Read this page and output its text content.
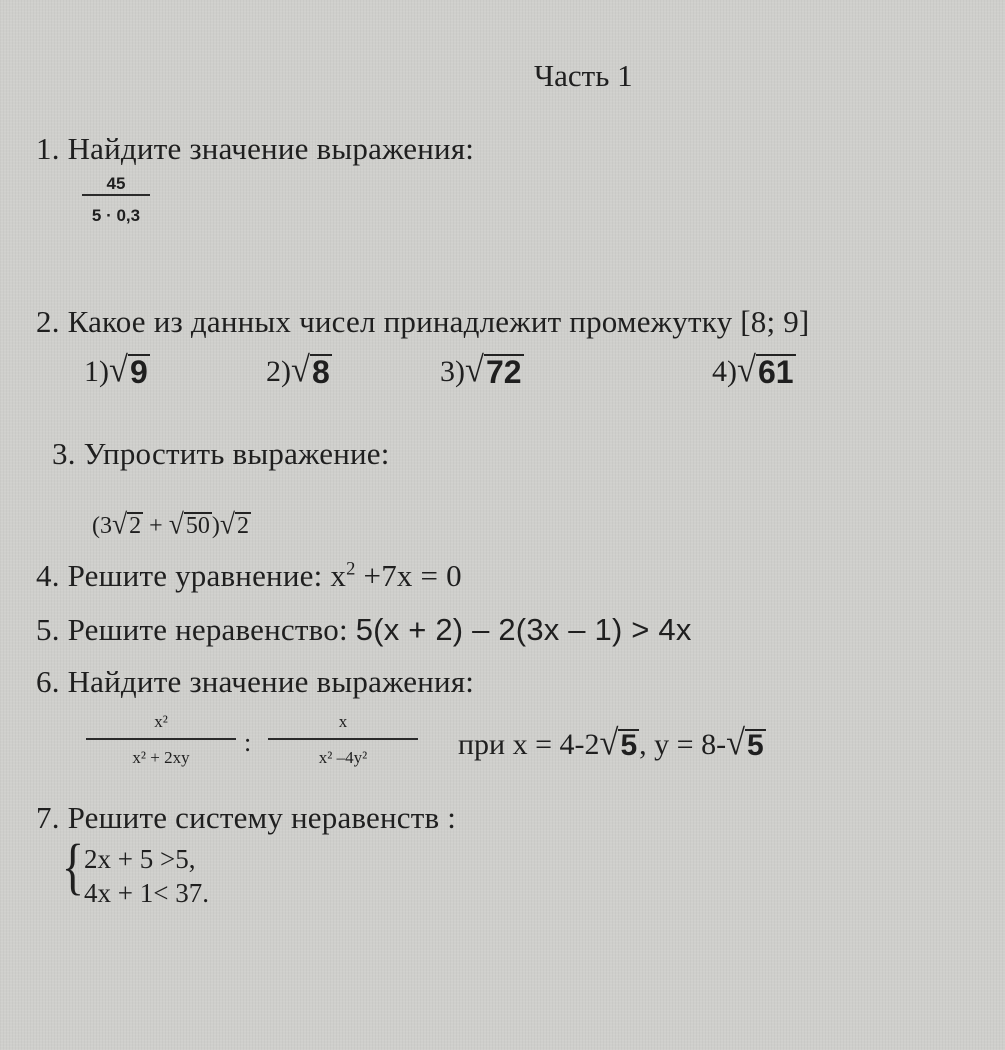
Часть 1
1. Найдите значение выражения:
45
5 · 0,3
2. Какое из данных чисел принадлежит промежутку [8; 9]
1) √ 9	2) √ 8	3) √ 72	4) √ 61
3. Упростить выражение:
(3 √ 2 + √ 50 ) √ 2
4. Решите уравнение: $x^2 +7x = 0$
5. Решите неравенство: 5(x + 2) – 2(3x – 1) > 4x
6. Найдите значение выражения:
x²
x² + 2xy
:
x
x² –4y²	при x = 4-2 √ 5 , y = 8- √ 5
7. Решите систему неравенств :
{ 2x + 5 >5,
4x + 1< 37.
